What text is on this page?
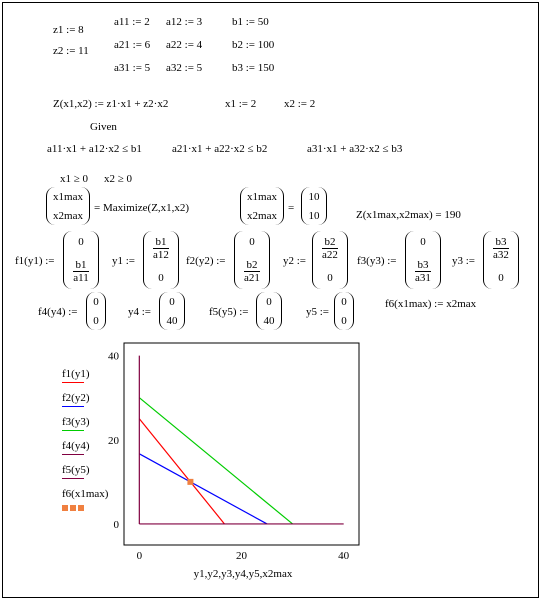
z1 := 8
z2 := 11
a11 := 2 a12 := 3	b1 := 50
a21 := 6 a22 := 4	b2 := 100
a31 := 5 a32 := 5	b3 := 150
Z(x1,x2) := z1·x1 + z2·x2	x1 := 2	x2 := 2
Given
a11·x1 + a12·x2 ≤ b1	a21·x1 + a22·x2 ≤ b2	a31·x1 + a32·x2 ≤ b3
x1 ≥ 0 x2 ≥ 0
x1max
x2max
= Maximize(Z,x1,x2)
x1max
x2max
=
10
10	Z(x1max,x2max) = 190
f1(y1) :=
0
$\frac{b1}{a11} y1$ := $\frac{b1}{a12}$
0
f2(y2) :=
0
$\frac{b2}{a21} y2$ := $\frac{b2}{a22}$
0
f3(y3) :=
0
$\frac{b3}{a31} y3$ := $\frac{b3}{a32}$
0
f4(y4) :=
0
0
y4 :=
0
40
f5(y5) :=
0
40
y5 :=
0
0
f6(x1max) := x2max
f1(y1)
f2(y2)
f3(y3)
f4(y4)
f5(y5)
f6(x1max)
0	20	40
0
20
40
y1,y2,y3,y4,y5,x2max
